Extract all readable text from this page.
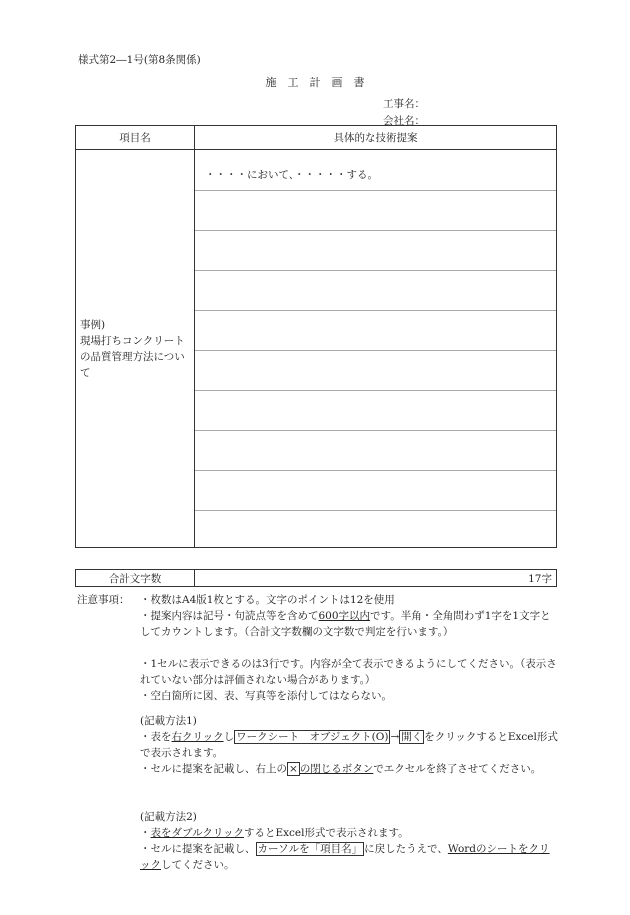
様式第2―1号(第8条関係)
施　工　計　画　書
工事名：
会社名：
項目名	具体的な技術提案

事例)
現場打ちコンクリートの品質管理方法について	・・・・において、・・・・・する。
合計文字数	17字
注意事項： ・枚数はA4版1枚とする。文字のポイントは12を使用
・提案内容は記号・句読点等を含めて600字以内です。半角・全角問わず1字を1文字としてカウントします。（合計文字数欄の文字数で判定を行います。）
・1セルに表示できるのは3行です。内容が全て表示できるようにしてください。（表示されていない部分は評価されない場合があります。）
・空白箇所に図、表、写真等を添付してはならない。
(記載方法1)
・表を右クリックし ワークシート　オブジェクト(O) → 開く をクリックするとExcel形式で表示されます。
・セルに提案を記載し、右上の × の閉じるボタンでエクセルを終了させてください。
(記載方法2)
・表をダブルクリックするとExcel形式で表示されます。
・セルに提案を記載し、 カーソルを「項目名」 に戻したうえで、Wordのシートをクリックしてください。
